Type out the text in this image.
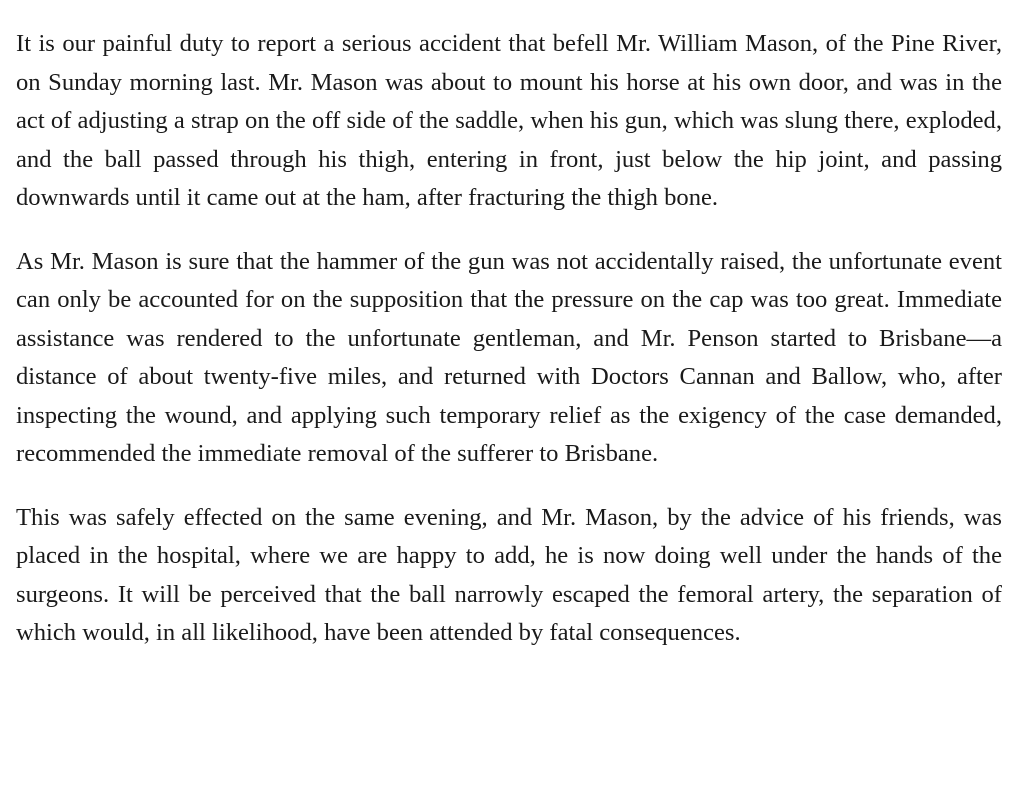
It is our painful duty to report a serious accident that befell Mr. William Mason, of the Pine River, on Sunday morning last. Mr. Mason was about to mount his horse at his own door, and was in the act of adjusting a strap on the off side of the saddle, when his gun, which was slung there, exploded, and the ball passed through his thigh, entering in front, just below the hip joint, and passing downwards until it came out at the ham, after fracturing the thigh bone.

As Mr. Mason is sure that the hammer of the gun was not accidentally raised, the unfortunate event can only be accounted for on the supposition that the pressure on the cap was too great. Immediate assistance was rendered to the unfortunate gentleman, and Mr. Penson started to Brisbane—a distance of about twenty-five miles, and returned with Doctors Cannan and Ballow, who, after inspecting the wound, and applying such temporary relief as the exigency of the case demanded, recommended the immediate removal of the sufferer to Brisbane.

This was safely effected on the same evening, and Mr. Mason, by the advice of his friends, was placed in the hospital, where we are happy to add, he is now doing well under the hands of the surgeons. It will be perceived that the ball narrowly escaped the femoral artery, the separation of which would, in all likelihood, have been attended by fatal consequences.
